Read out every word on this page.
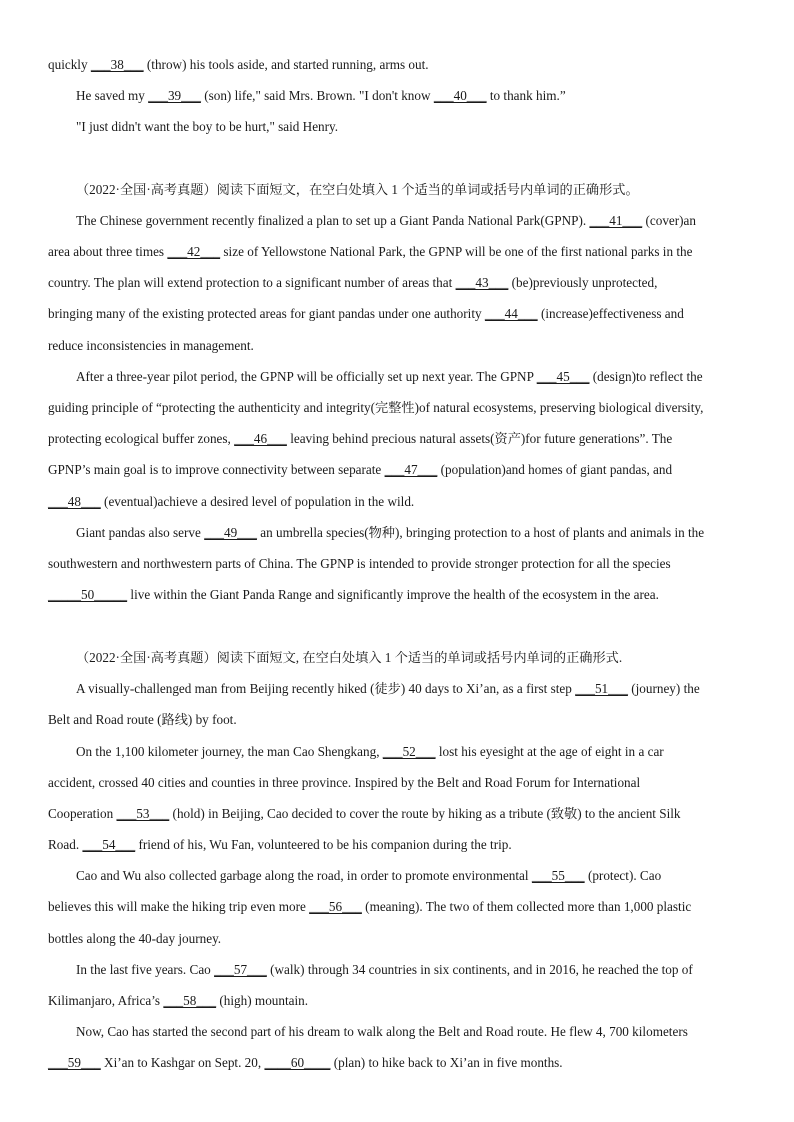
quickly ___38___ (throw) his tools aside, and started running, arms out.
He saved my ___39___ (son) life," said Mrs. Brown. "I don't know ___40___ to thank him.”
"I just didn't want the boy to be hurt," said Henry.
（2022·全国·高考真题）阅读下面短文，在空白处填入 1 个适当的单词或括号内单词的正确形式。
The Chinese government recently finalized a plan to set up a Giant Panda National Park(GPNP). ___41___ (cover)an
area about three times ___42___ size of Yellowstone National Park, the GPNP will be one of the first national parks in the
country. The plan will extend protection to a significant number of areas that ___43___ (be)previously unprotected,
bringing many of the existing protected areas for giant pandas under one authority ___44___ (increase)effectiveness and
reduce inconsistencies in management.
After a three-year pilot period, the GPNP will be officially set up next year. The GPNP ___45___ (design)to reflect the
guiding principle of “protecting the authenticity and integrity(完整性)of natural ecosystems, preserving biological diversity,
protecting ecological buffer zones, ___46___ leaving behind precious natural assets(资产)for future generations”. The
GPNP’s main goal is to improve connectivity between separate ___47___ (population)and homes of giant pandas, and
___48___ (eventual)achieve a desired level of population in the wild.
Giant pandas also serve ___49___ an umbrella species(物种), bringing protection to a host of plants and animals in the
southwestern and northwestern parts of China. The GPNP is intended to provide stronger protection for all the species
_____50_____ live within the Giant Panda Range and significantly improve the health of the ecosystem in the area.
（2022·全国·高考真题）阅读下面短文, 在空白处填入 1 个适当的单词或括号内单词的正确形式.
A visually-challenged man from Beijing recently hiked (徒步) 40 days to Xi’an, as a first step ___51___ (journey) the
Belt and Road route (路线) by foot.
On the 1,100 kilometer journey, the man Cao Shengkang, ___52___ lost his eyesight at the age of eight in a car
accident, crossed 40 cities and counties in three province. Inspired by the Belt and Road Forum for International
Cooperation ___53___ (hold) in Beijing, Cao decided to cover the route by hiking as a tribute (致敬) to the ancient Silk
Road. ___54___ friend of his, Wu Fan, volunteered to be his companion during the trip.
Cao and Wu also collected garbage along the road, in order to promote environmental ___55___ (protect). Cao
believes this will make the hiking trip even more ___56___ (meaning). The two of them collected more than 1,000 plastic
bottles along the 40-day journey.
In the last five years. Cao ___57___ (walk) through 34 countries in six continents, and in 2016, he reached the top of
Kilimanjaro, Africa’s ___58___ (high) mountain.
Now, Cao has started the second part of his dream to walk along the Belt and Road route. He flew 4, 700 kilometers
___59___ Xi’an to Kashgar on Sept. 20, ____60____ (plan) to hike back to Xi’an in five months.
